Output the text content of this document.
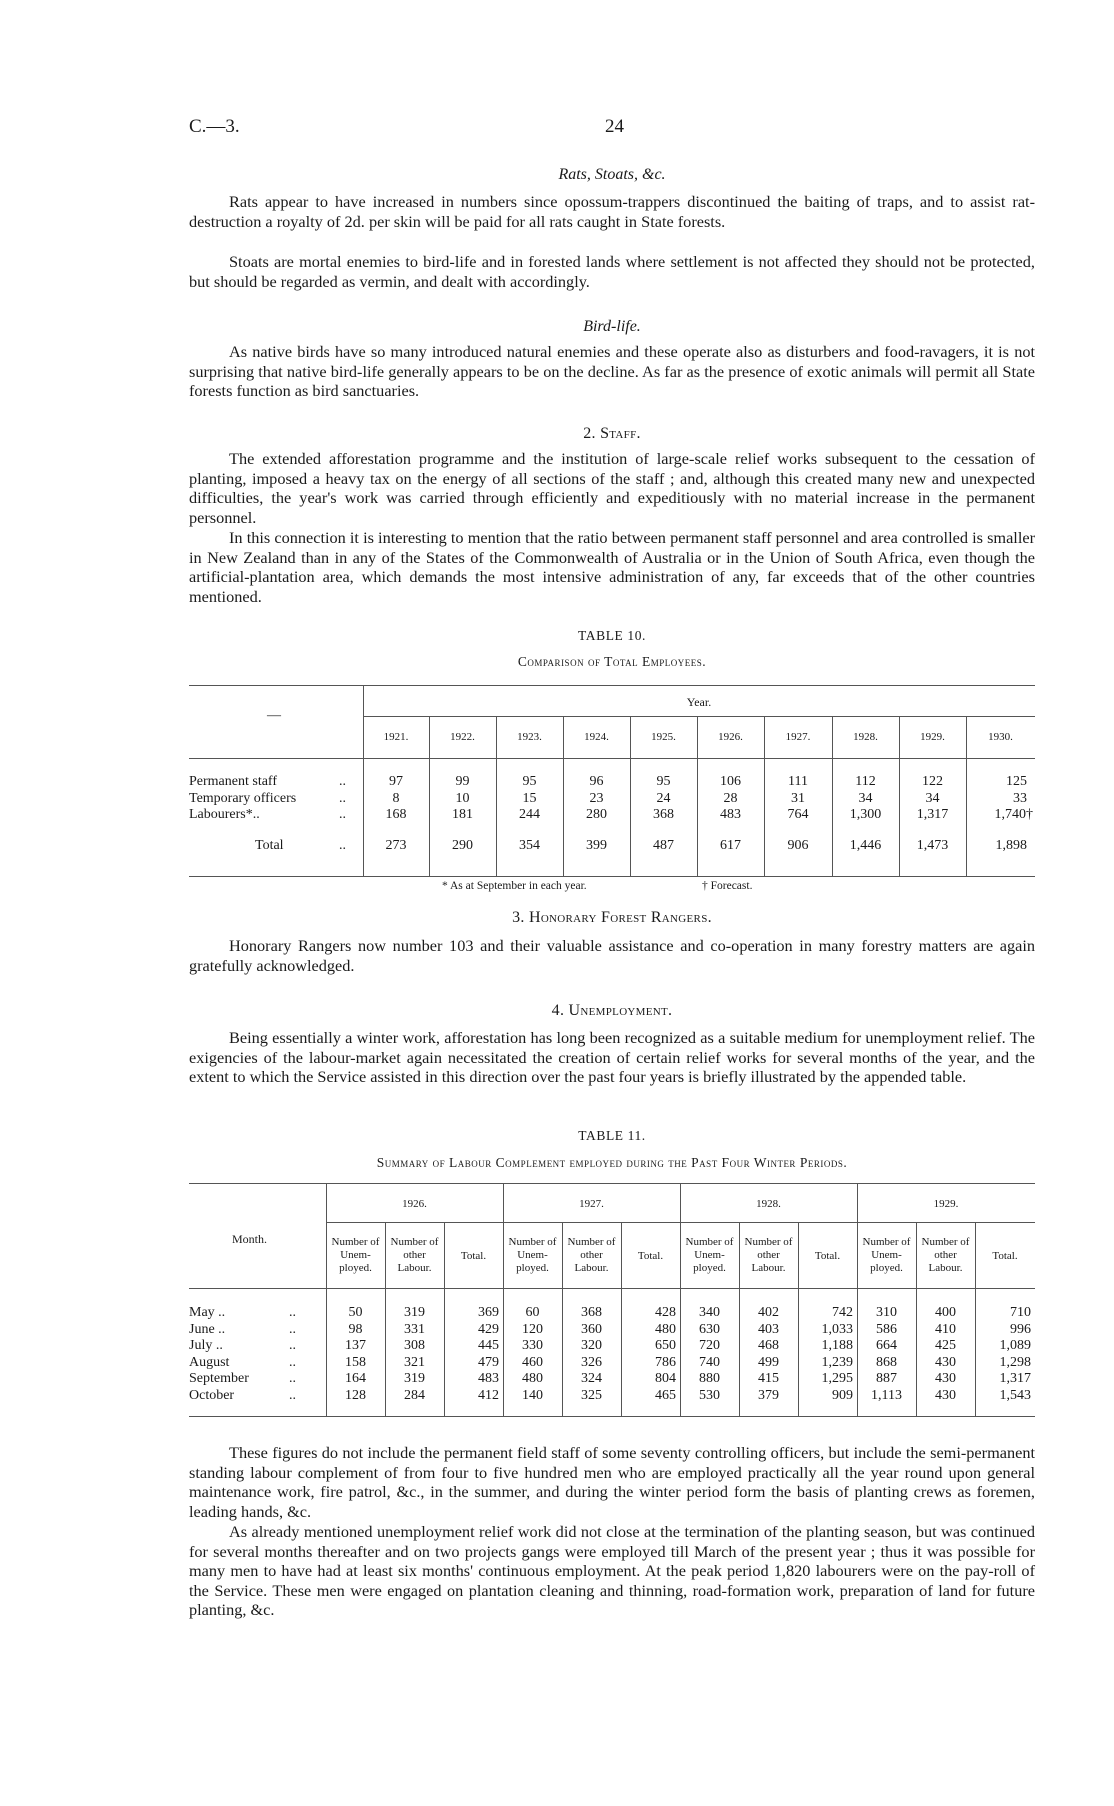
C.—3.	24
Rats, Stoats, &c.

Rats appear to have increased in numbers since opossum-trappers discontinued the baiting of traps, and to assist rat-destruction a royalty of 2d. per skin will be paid for all rats caught in State forests.

Stoats are mortal enemies to bird-life and in forested lands where settlement is not affected they should not be protected, but should be regarded as vermin, and dealt with accordingly.

Bird-life.

As native birds have so many introduced natural enemies and these operate also as disturbers and food-ravagers, it is not surprising that native bird-life generally appears to be on the decline. As far as the presence of exotic animals will permit all State forests function as bird sanctuaries.

2. Staff.

The extended afforestation programme and the institution of large-scale relief works subsequent to the cessation of planting, imposed a heavy tax on the energy of all sections of the staff ; and, although this created many new and unexpected difficulties, the year's work was carried through efficiently and expeditiously with no material increase in the permanent personnel.

In this connection it is interesting to mention that the ratio between permanent staff personnel and area controlled is smaller in New Zealand than in any of the States of the Commonwealth of Australia or in the Union of South Africa, even though the artificial-plantation area, which demands the most intensive administration of any, far exceeds that of the other countries mentioned.

TABLE 10.
Comparison of Total Employees.
—
Year.
1921.	1922.	1923.	1924.	1925.	1926.	1927.	1928.	1929.	1930.
Permanent staff	..	97	99	95	96	95	106	111	112	122	125
Temporary officers	..	8	10	15	23	24	28	31	34	34	33
Labourers*..	..	168	181	244	280	368	483	764	1,300	1,317	1,740†

Total	..	273	290	354	399	487	617	906	1,446	1,473	1,898
* As at September in each year.	† Forecast.
3. Honorary Forest Rangers.

Honorary Rangers now number 103 and their valuable assistance and co-operation in many forestry matters are again gratefully acknowledged.

4. Unemployment.

Being essentially a winter work, afforestation has long been recognized as a suitable medium for unemployment relief. The exigencies of the labour-market again necessitated the creation of certain relief works for several months of the year, and the extent to which the Service assisted in this direction over the past four years is briefly illustrated by the appended table.

TABLE 11.
Summary of Labour Complement employed during the Past Four Winter Periods.
Month.
1926.	1927.	1928.	1929.
Number of Unem- ployed.
Number of other Labour.
Total.
Number of Unem- ployed.
Number of other Labour.
Total.
Number of Unem- ployed.
Number of other Labour.
Total.
Number of Unem- ployed.
Number of other Labour.
Total.
May ..	..	50	319	369	60	368	428	340	402	742	310	400	710
June ..	..	98	331	429	120	360	480	630	403	1,033	586	410	996
July ..	..	137	308	445	330	320	650	720	468	1,188	664	425	1,089
August	..	158	321	479	460	326	786	740	499	1,239	868	430	1,298
September	..	164	319	483	480	324	804	880	415	1,295	887	430	1,317
October	..	128	284	412	140	325	465	530	379	909	1,113	430	1,543

These figures do not include the permanent field staff of some seventy controlling officers, but include the semi-permanent standing labour complement of from four to five hundred men who are employed practically all the year round upon general maintenance work, fire patrol, &c., in the summer, and during the winter period form the basis of planting crews as foremen, leading hands, &c.

As already mentioned unemployment relief work did not close at the termination of the planting season, but was continued for several months thereafter and on two projects gangs were employed till March of the present year ; thus it was possible for many men to have had at least six months' continuous employment. At the peak period 1,820 labourers were on the pay-roll of the Service. These men were engaged on plantation cleaning and thinning, road-formation work, preparation of land for future planting, &c.
